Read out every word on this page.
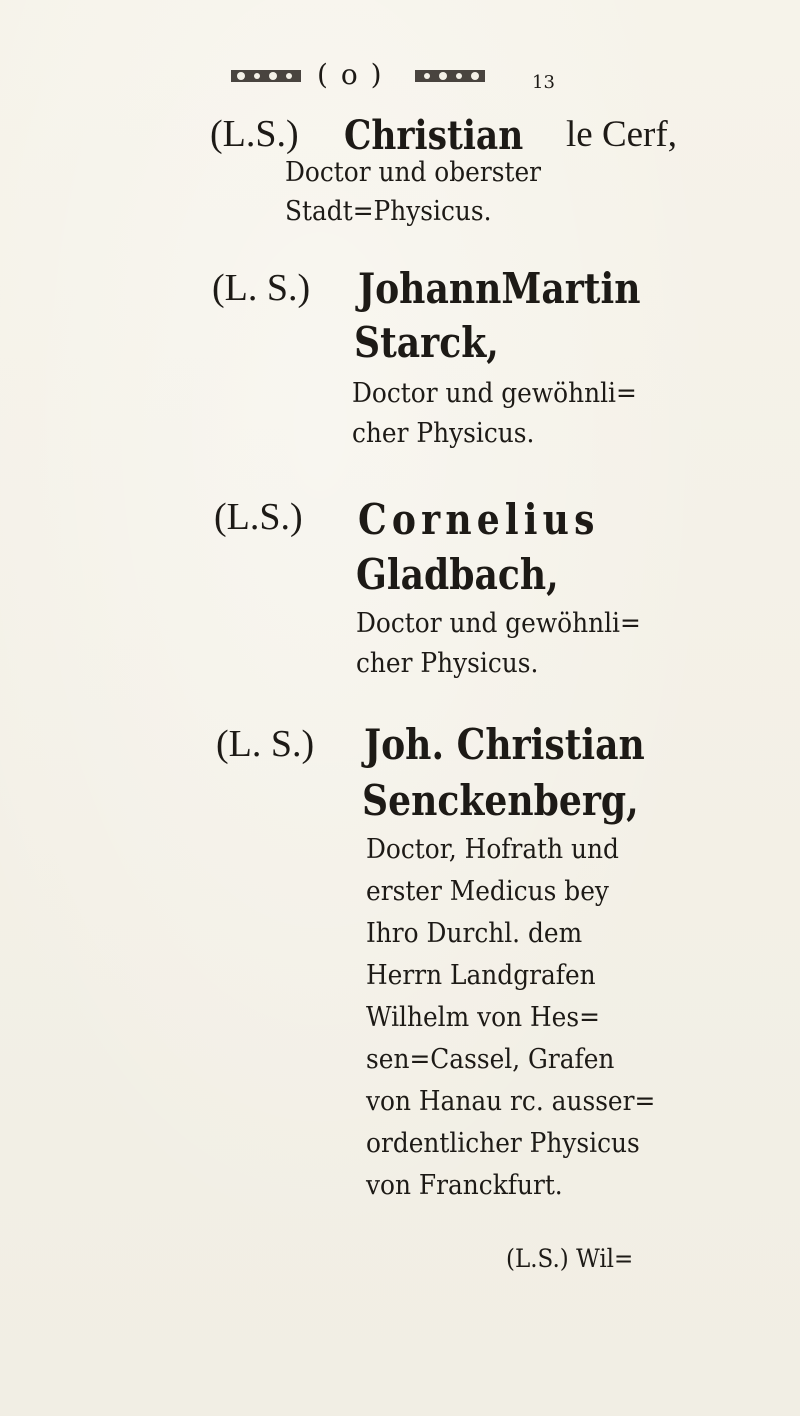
( o )	13
(L.S.) Christian le Cerf,
Doctor und oberster
Stadt=Physicus.
(L. S.) JohannMartin
Starck,
Doctor und gewöhnli=
cher Physicus.
(L.S.) Cornelius
Gladbach,
Doctor und gewöhnli=
cher Physicus.
(L. S.) Joh. Christian
Senckenberg,
Doctor, Hofrath und
erster Medicus bey
Ihro Durchl. dem
Herrn Landgrafen
Wilhelm von Hes=
sen=Cassel, Grafen
von Hanau rc. ausser=
ordentlicher Physicus
von Franckfurt.
(L.S.) Wil=
